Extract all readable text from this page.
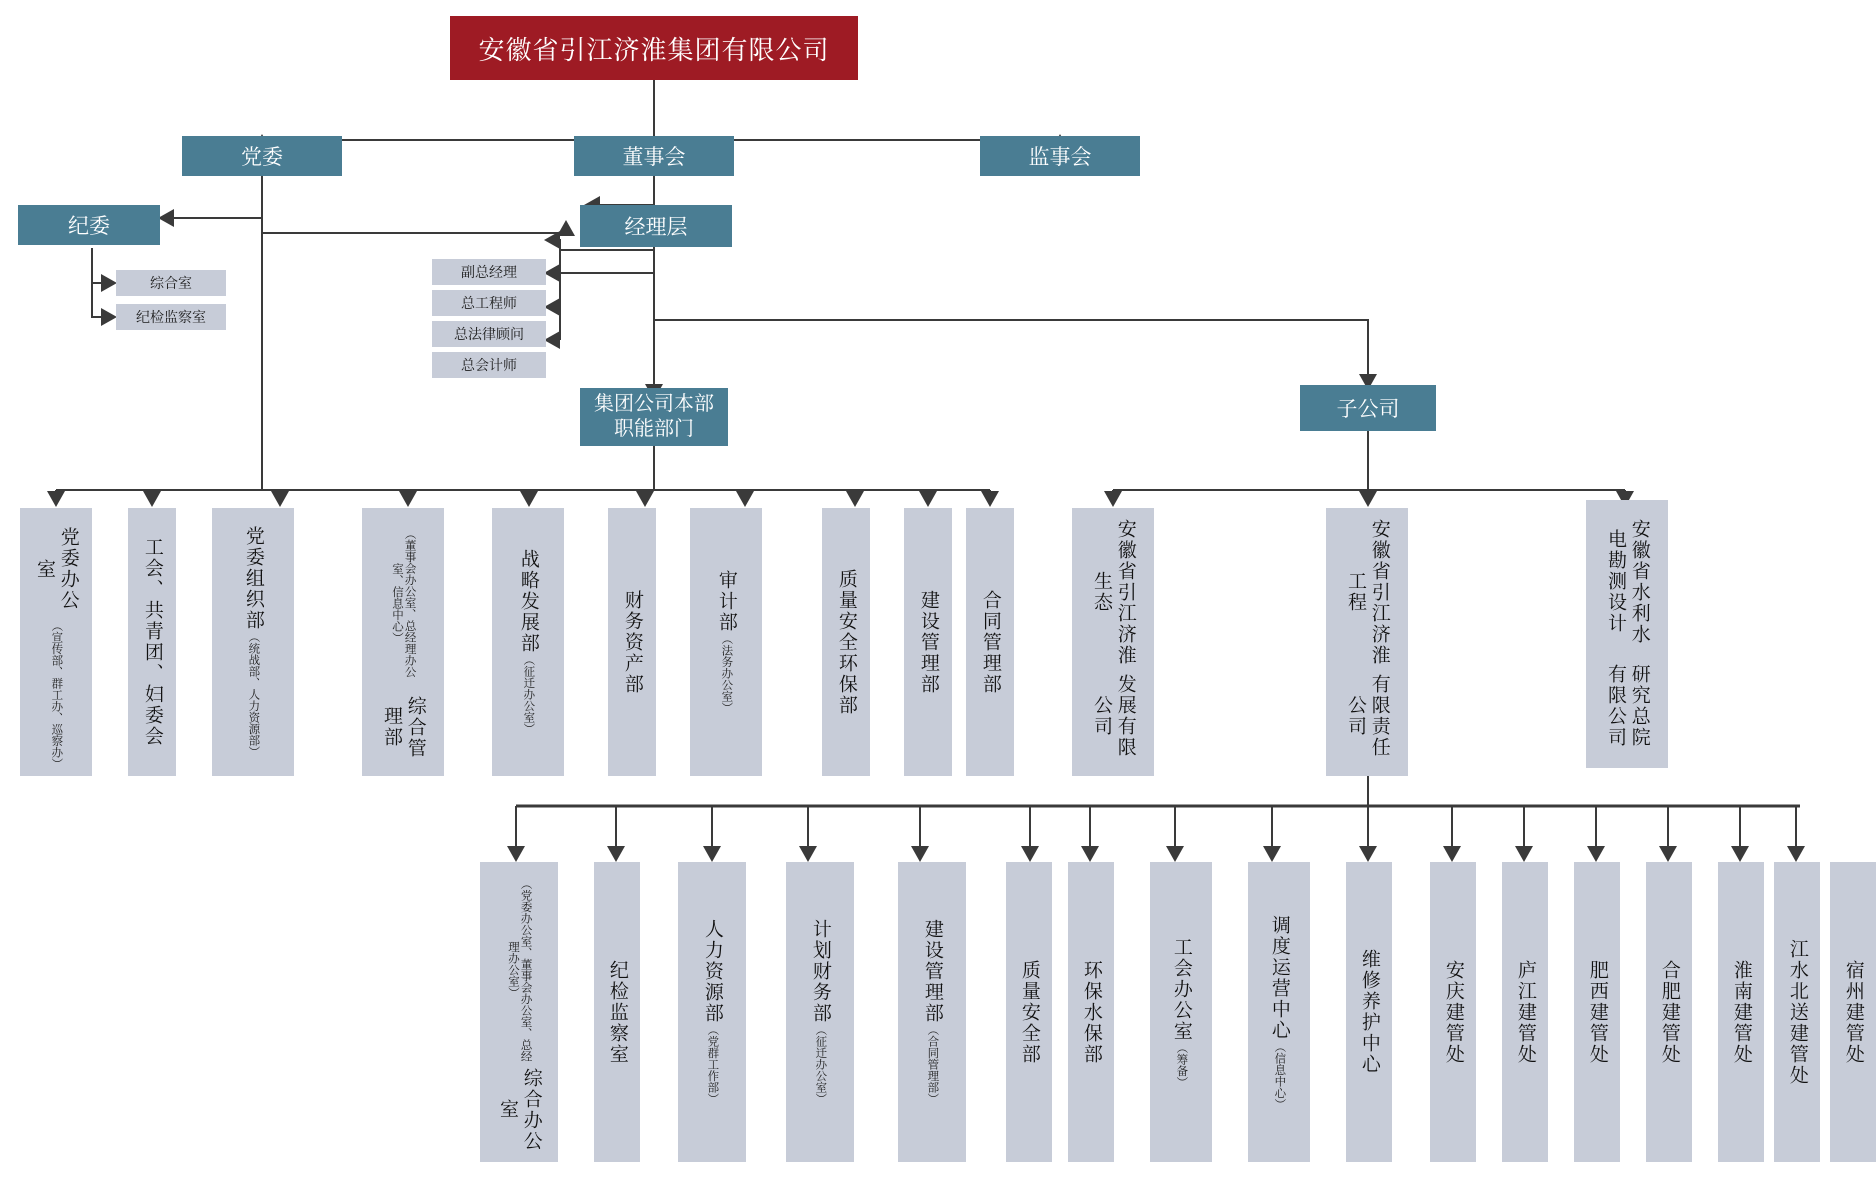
安徽省引江济淮集团有限公司
党委	董事会	监事会
纪委	经理层
综合室
纪检监察室
副总经理
总工程师
总法律顾问
总会计师
集团公司本部
职能部门
子公司
党委办公室
（宣传部、群工办、巡察办）	工会、共青团、妇委会	党委组织部
（统战部、人力资源部）
（董事会办公室、总经理办公室、信息中心）
综合管理部
战略发展部
（征迁办公室）	财务资产部	审计部
（法务办公室）	质量安全环保部	建设管理部 合同管理部	安徽省引江济淮生态
发展有限公司
安徽省引江济淮工程
有限责任公司
安徽省水利水电勘测设计
研究总院有限公司
（党委办公室、董事会办公室、总经理办公室）
综合办公室
纪检监察室	人力资源部
（党群工作部）
计划财务部
（征迁办公室）
建设管理部
（合同管理部）	质量安全部 环保水保部	工会办公室
（筹备）
调度运营中心
（信息中心）	维修养护中心	安庆建管处	庐江建管处	肥西建管处	合肥建管处	淮南建管处 江水北送建管处 宿州建管处
